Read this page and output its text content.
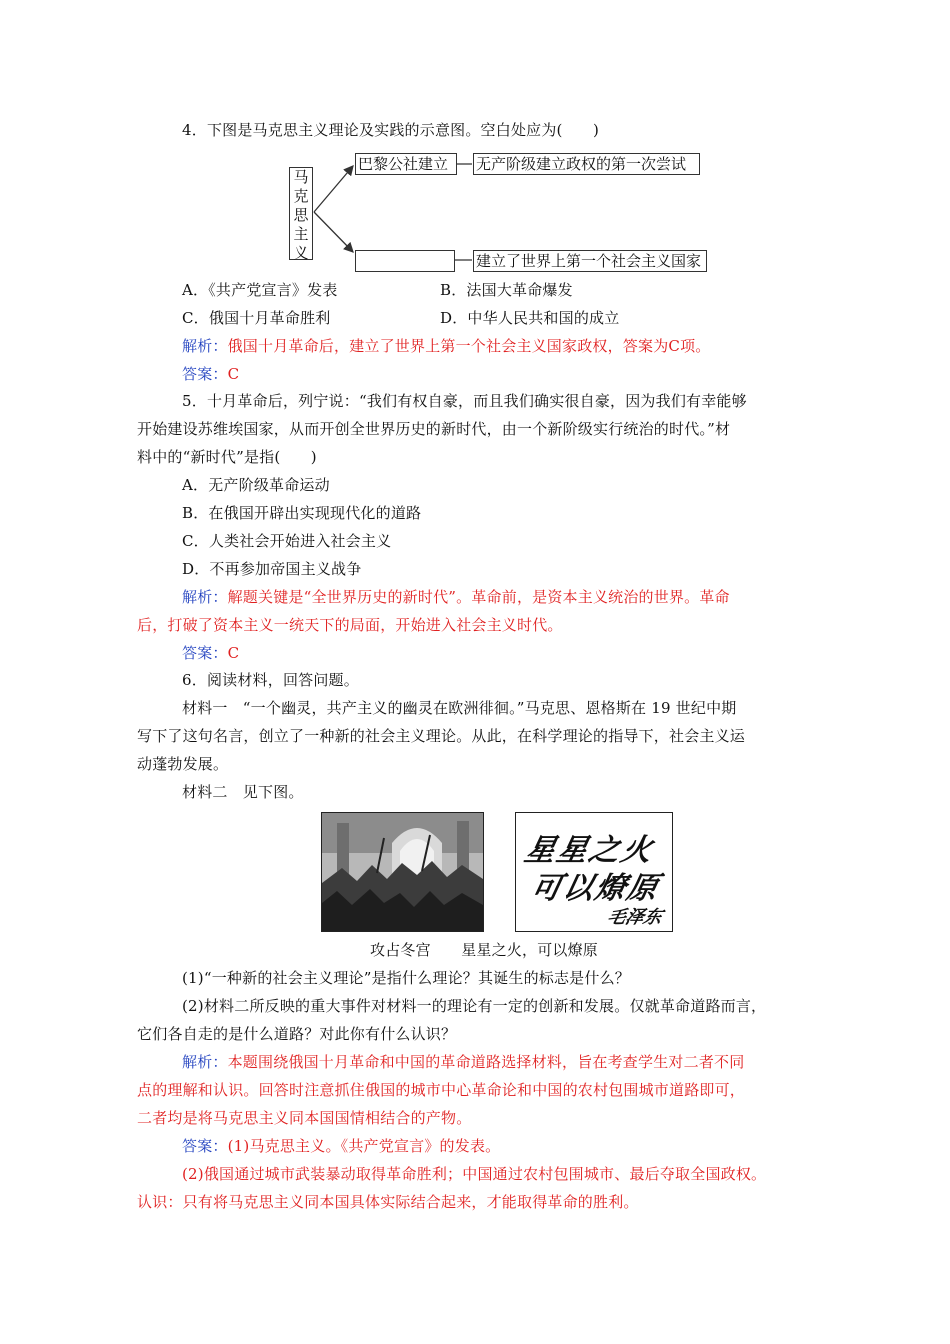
4．下图是马克思主义理论及实践的示意图。空白处应为(　　)
马克思主义
巴黎公社建立	无产阶级建立政权的第一次尝试
建立了世界上第一个社会主义国家
A．《共产党宣言》发表	B．法国大革命爆发
C．俄国十月革命胜利	D．中华人民共和国的成立
解析：俄国十月革命后，建立了世界上第一个社会主义国家政权，答案为C项。
答案：C
5．十月革命后，列宁说：“我们有权自豪，而且我们确实很自豪，因为我们有幸能够
开始建设苏维埃国家，从而开创全世界历史的新时代，由一个新阶级实行统治的时代。”材
料中的“新时代”是指(　　)
A．无产阶级革命运动
B．在俄国开辟出实现现代化的道路
C．人类社会开始进入社会主义
D．不再参加帝国主义战争
解析：解题关键是“全世界历史的新时代”。革命前，是资本主义统治的世界。革命
后，打破了资本主义一统天下的局面，开始进入社会主义时代。
答案：C
6．阅读材料，回答问题。
材料一　“一个幽灵，共产主义的幽灵在欧洲徘徊。”马克思、恩格斯在 19 世纪中期
写下了这句名言，创立了一种新的社会主义理论。从此，在科学理论的指导下，社会主义运
动蓬勃发展。
材料二　见下图。
星星之火
可以燎原
毛泽东
攻占冬宫　　星星之火，可以燎原
(1)“一种新的社会主义理论”是指什么理论？其诞生的标志是什么？
(2)材料二所反映的重大事件对材料一的理论有一定的创新和发展。仅就革命道路而言，
它们各自走的是什么道路？对此你有什么认识？
解析：本题围绕俄国十月革命和中国的革命道路选择材料，旨在考查学生对二者不同
点的理解和认识。回答时注意抓住俄国的城市中心革命论和中国的农村包围城市道路即可，
二者均是将马克思主义同本国国情相结合的产物。
答案：(1)马克思主义。《共产党宣言》的发表。
(2)俄国通过城市武装暴动取得革命胜利；中国通过农村包围城市、最后夺取全国政权。
认识：只有将马克思主义同本国具体实际结合起来，才能取得革命的胜利。
